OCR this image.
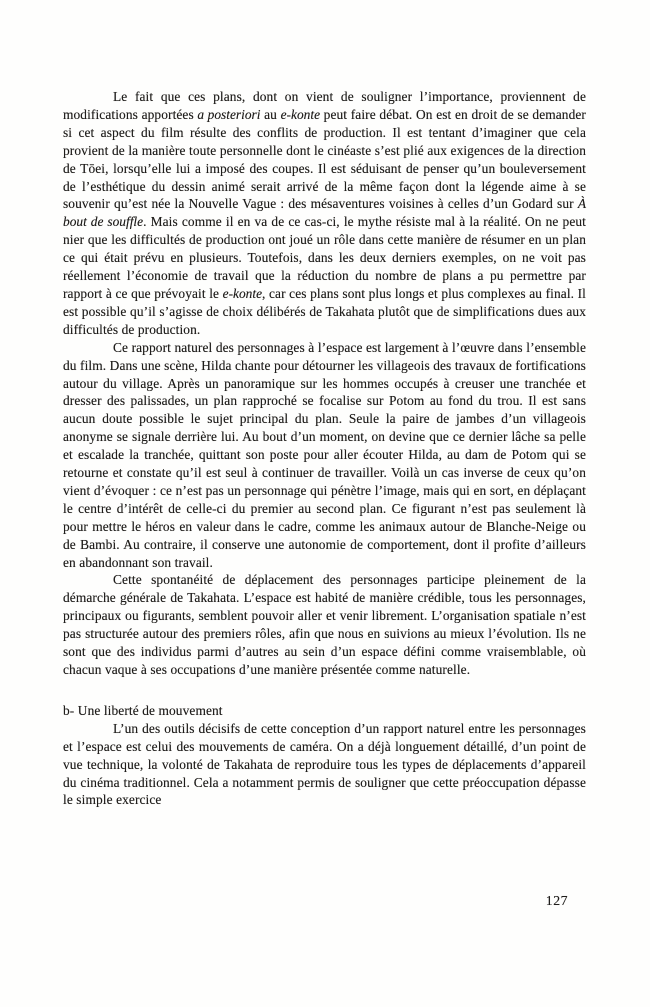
Le fait que ces plans, dont on vient de souligner l’importance, proviennent de modifications apportées a posteriori au e-konte peut faire débat. On est en droit de se demander si cet aspect du film résulte des conflits de production. Il est tentant d’imaginer que cela provient de la manière toute personnelle dont le cinéaste s’est plié aux exigences de la direction de Tōei, lorsqu’elle lui a imposé des coupes. Il est séduisant de penser qu’un bouleversement de l’esthétique du dessin animé serait arrivé de la même façon dont la légende aime à se souvenir qu’est née la Nouvelle Vague : des mésaventures voisines à celles d’un Godard sur À bout de souffle. Mais comme il en va de ce cas-ci, le mythe résiste mal à la réalité. On ne peut nier que les difficultés de production ont joué un rôle dans cette manière de résumer en un plan ce qui était prévu en plusieurs. Toutefois, dans les deux derniers exemples, on ne voit pas réellement l’économie de travail que la réduction du nombre de plans a pu permettre par rapport à ce que prévoyait le e-konte, car ces plans sont plus longs et plus complexes au final. Il est possible qu’il s’agisse de choix délibérés de Takahata plutôt que de simplifications dues aux difficultés de production.

Ce rapport naturel des personnages à l’espace est largement à l’œuvre dans l’ensemble du film. Dans une scène, Hilda chante pour détourner les villageois des travaux de fortifications autour du village. Après un panoramique sur les hommes occupés à creuser une tranchée et dresser des palissades, un plan rapproché se focalise sur Potom au fond du trou. Il est sans aucun doute possible le sujet principal du plan. Seule la paire de jambes d’un villageois anonyme se signale derrière lui. Au bout d’un moment, on devine que ce dernier lâche sa pelle et escalade la tranchée, quittant son poste pour aller écouter Hilda, au dam de Potom qui se retourne et constate qu’il est seul à continuer de travailler. Voilà un cas inverse de ceux qu’on vient d’évoquer : ce n’est pas un personnage qui pénètre l’image, mais qui en sort, en déplaçant le centre d’intérêt de celle-ci du premier au second plan. Ce figurant n’est pas seulement là pour mettre le héros en valeur dans le cadre, comme les animaux autour de Blanche-Neige ou de Bambi. Au contraire, il conserve une autonomie de comportement, dont il profite d’ailleurs en abandonnant son travail.

Cette spontanéité de déplacement des personnages participe pleinement de la démarche générale de Takahata. L’espace est habité de manière crédible, tous les personnages, principaux ou figurants, semblent pouvoir aller et venir librement. L’organisation spatiale n’est pas structurée autour des premiers rôles, afin que nous en suivions au mieux l’évolution. Ils ne sont que des individus parmi d’autres au sein d’un espace défini comme vraisemblable, où chacun vaque à ses occupations d’une manière présentée comme naturelle.

b- Une liberté de mouvement

L’un des outils décisifs de cette conception d’un rapport naturel entre les personnages et l’espace est celui des mouvements de caméra. On a déjà longuement détaillé, d’un point de vue technique, la volonté de Takahata de reproduire tous les types de déplacements d’appareil du cinéma traditionnel. Cela a notamment permis de souligner que cette préoccupation dépasse le simple exercice

127
